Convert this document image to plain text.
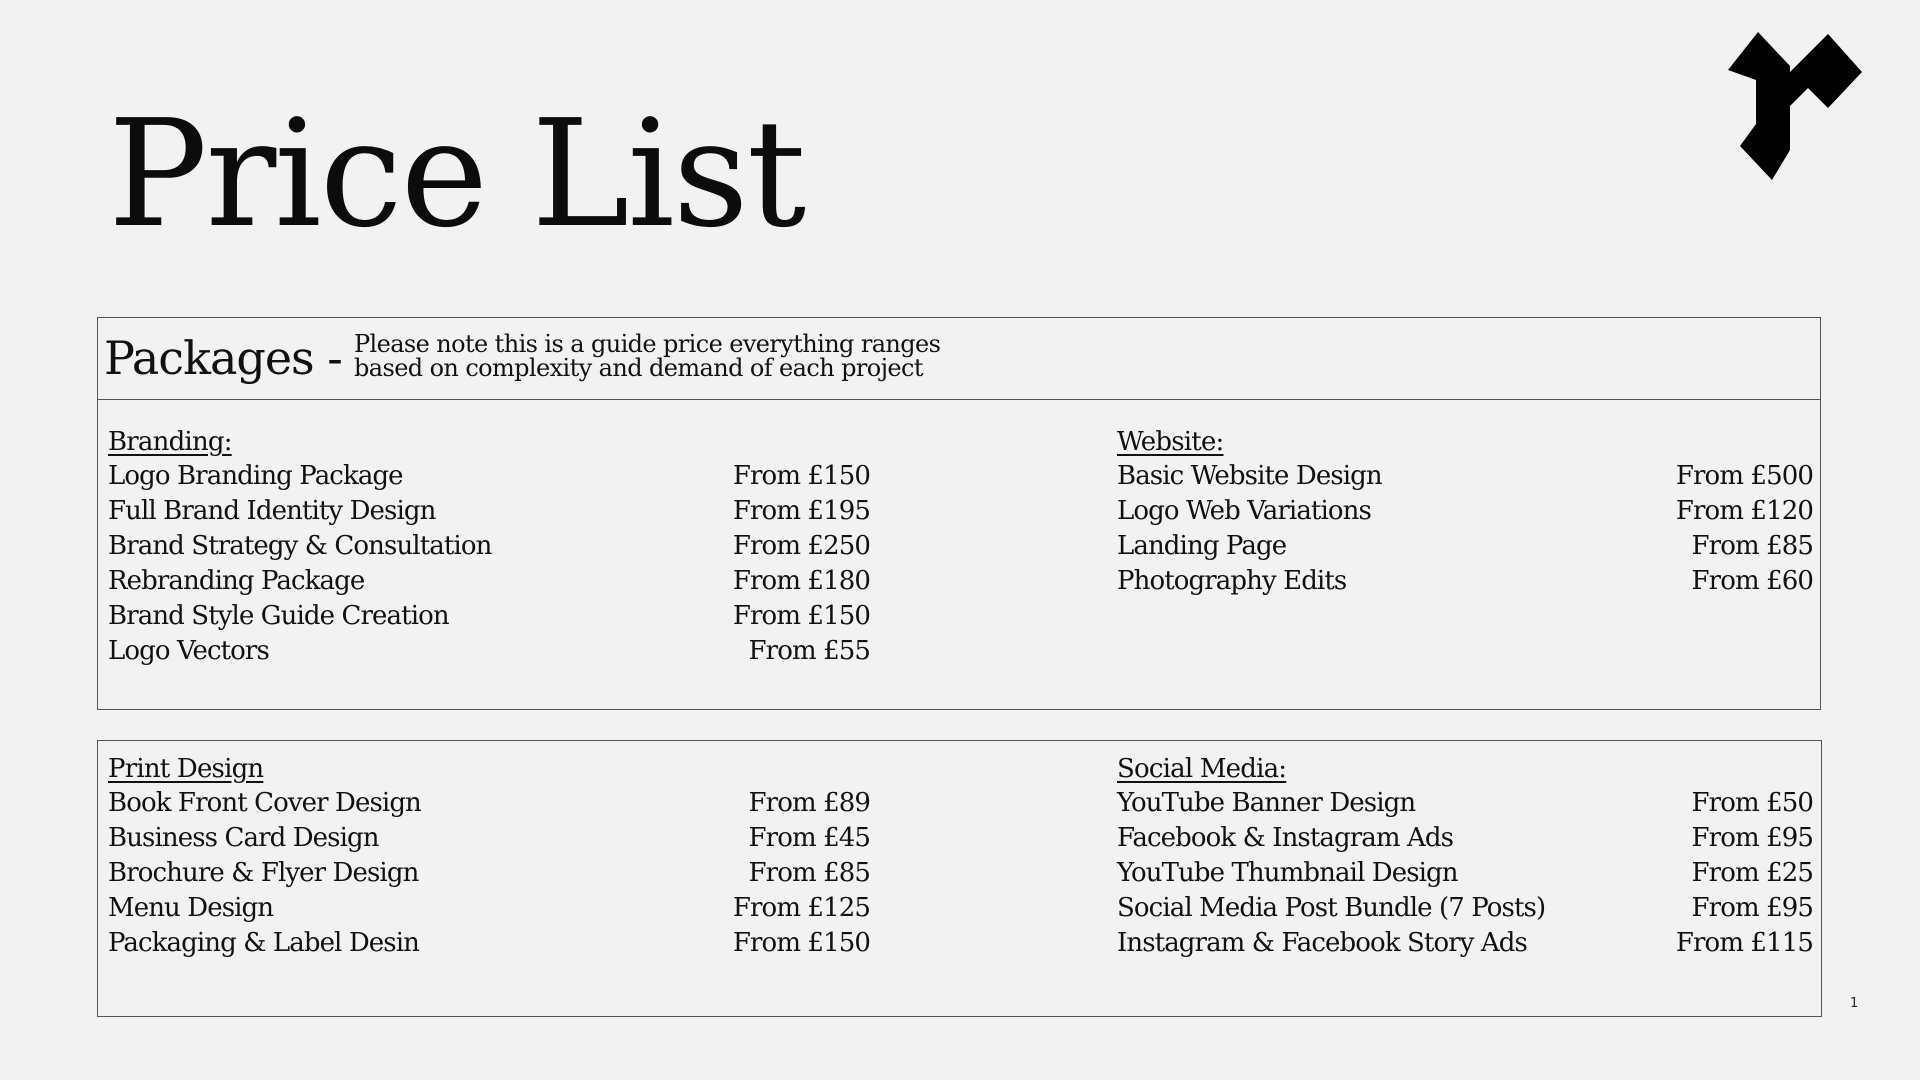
Price List
Packages - Please note this is a guide price everything ranges
based on complexity and demand of each project
Branding:
Logo Branding Package	From £150
Full Brand Identity Design	From £195
Brand Strategy & Consultation	From £250
Rebranding Package	From £180
Brand Style Guide Creation	From £150
Logo Vectors	From £55
Website:
Basic Website Design	From £500
Logo Web Variations	From £120
Landing Page	From £85
Photography Edits	From £60
Print Design
Book Front Cover Design	From £89
Business Card Design	From £45
Brochure & Flyer Design	From £85
Menu Design	From £125
Packaging & Label Desin	From £150
Social Media:
YouTube Banner Design	From £50
Facebook & Instagram Ads	From £95
YouTube Thumbnail Design	From £25
Social Media Post Bundle (7 Posts)	From £95
Instagram & Facebook Story Ads	From £115
1
